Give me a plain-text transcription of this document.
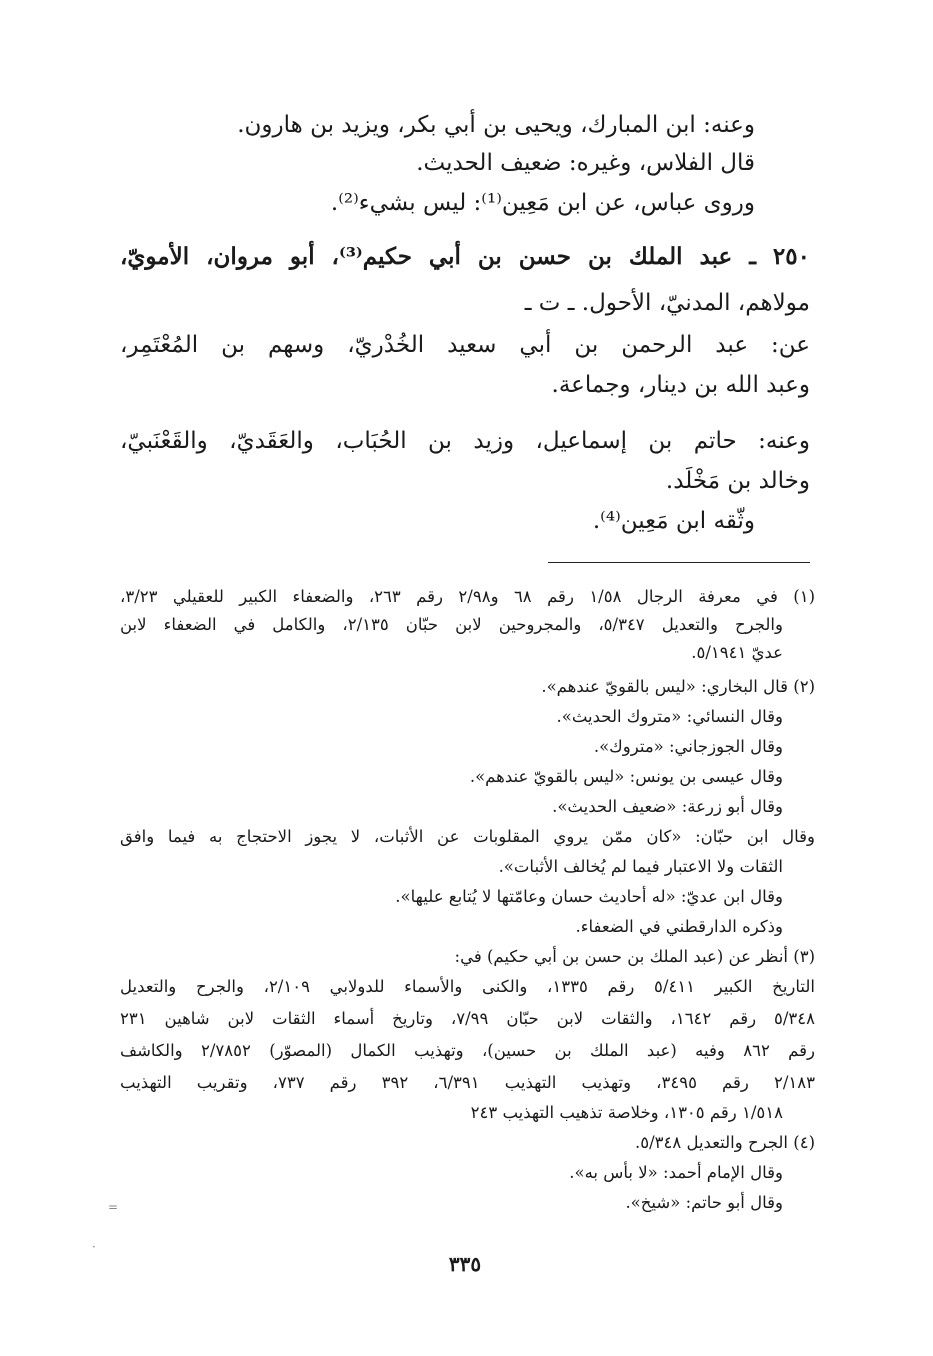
وعنه: ابن المبارك، ويحيى بن أبي بكر، ويزيد بن هارون.
قال الفلاس، وغيره: ضعيف الحديث.
وروى عباس، عن ابن مَعِين⁽¹⁾: ليس بشيء⁽²⁾.
٢٥٠ ـ عبد الملك بن حسن بن أبي حكيم⁽³⁾، أبو مروان، الأمويّ،
مولاهم، المدنيّ، الأحول. ـ ت ـ
عن: عبد الرحمن بن أبي سعيد الخُدْريّ، وسهم بن المُعْتَمِر،
وعبد الله بن دينار، وجماعة.
وعنه: حاتم بن إسماعيل، وزيد بن الحُبَاب، والعَقَديّ، والقَعْنَبيّ،
وخالد بن مَخْلَد.
وثّقه ابن مَعِين⁽⁴⁾.
(١) في معرفة الرجال ١/٥٨ رقم ٦٨ و٢/٩٨ رقم ٢٦٣، والضعفاء الكبير للعقيلي ٣/٢٣،
والجرح والتعديل ٥/٣٤٧، والمجروحين لابن حبّان ٢/١٣٥، والكامل في الضعفاء لابن
عديّ ٥/١٩٤١.
(٢) قال البخاري: «ليس بالقويّ عندهم».
وقال النسائي: «متروك الحديث».
وقال الجوزجاني: «متروك».
وقال عيسى بن يونس: «ليس بالقويّ عندهم».
وقال أبو زرعة: «ضعيف الحديث».
وقال ابن حبّان: «كان ممّن يروي المقلوبات عن الأثبات، لا يجوز الاحتجاج به فيما وافق
الثقات ولا الاعتبار فيما لم يُخالف الأثبات».
وقال ابن عديّ: «له أحاديث حسان وعامّتها لا يُتابع عليها».
وذكره الدارقطني في الضعفاء.
(٣) أنظر عن (عبد الملك بن حسن بن أبي حكيم) في:
التاريخ الكبير ٥/٤١١ رقم ١٣٣٥، والكنى والأسماء للدولابي ٢/١٠٩، والجرح والتعديل
٥/٣٤٨ رقم ١٦٤٢، والثقات لابن حبّان ٧/٩٩، وتاريخ أسماء الثقات لابن شاهين ٢٣١
رقم ٨٦٢ وفيه (عبد الملك بن حسين)، وتهذيب الكمال (المصوّر) ٢/٧٨٥٢ والكاشف
٢/١٨٣ رقم ٣٤٩٥، وتهذيب التهذيب ٦/٣٩١، ٣٩٢ رقم ٧٣٧، وتقريب التهذيب
١/٥١٨ رقم ١٣٠٥، وخلاصة تذهيب التهذيب ٢٤٣
(٤) الجرح والتعديل ٥/٣٤٨.
وقال الإمام أحمد: «لا بأس به».
وقال أبو حاتم: «شيخ».
٣٣٥
=
·
